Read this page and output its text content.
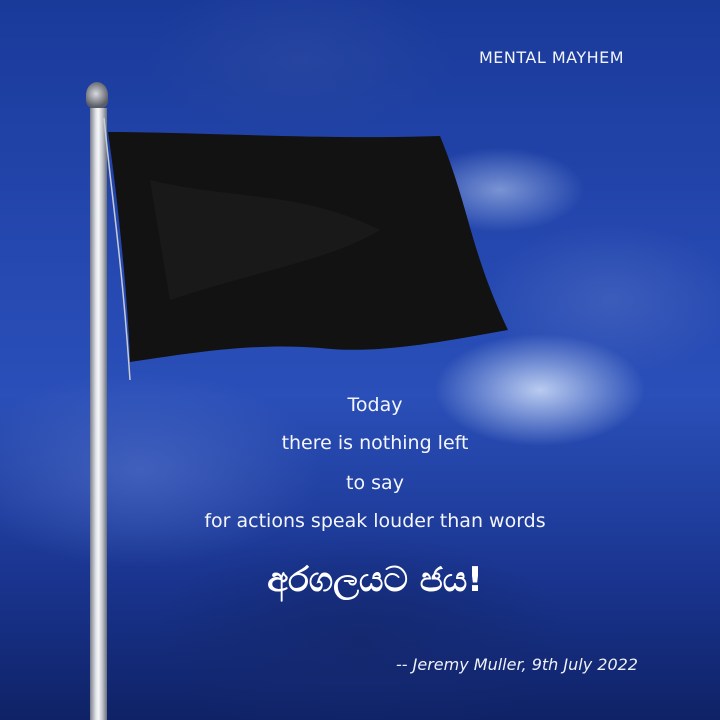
MENTAL MAYHEM
Today
there is nothing left
to say
for actions speak louder than words
අරගලයට ජය!
-- Jeremy Muller, 9th July 2022
